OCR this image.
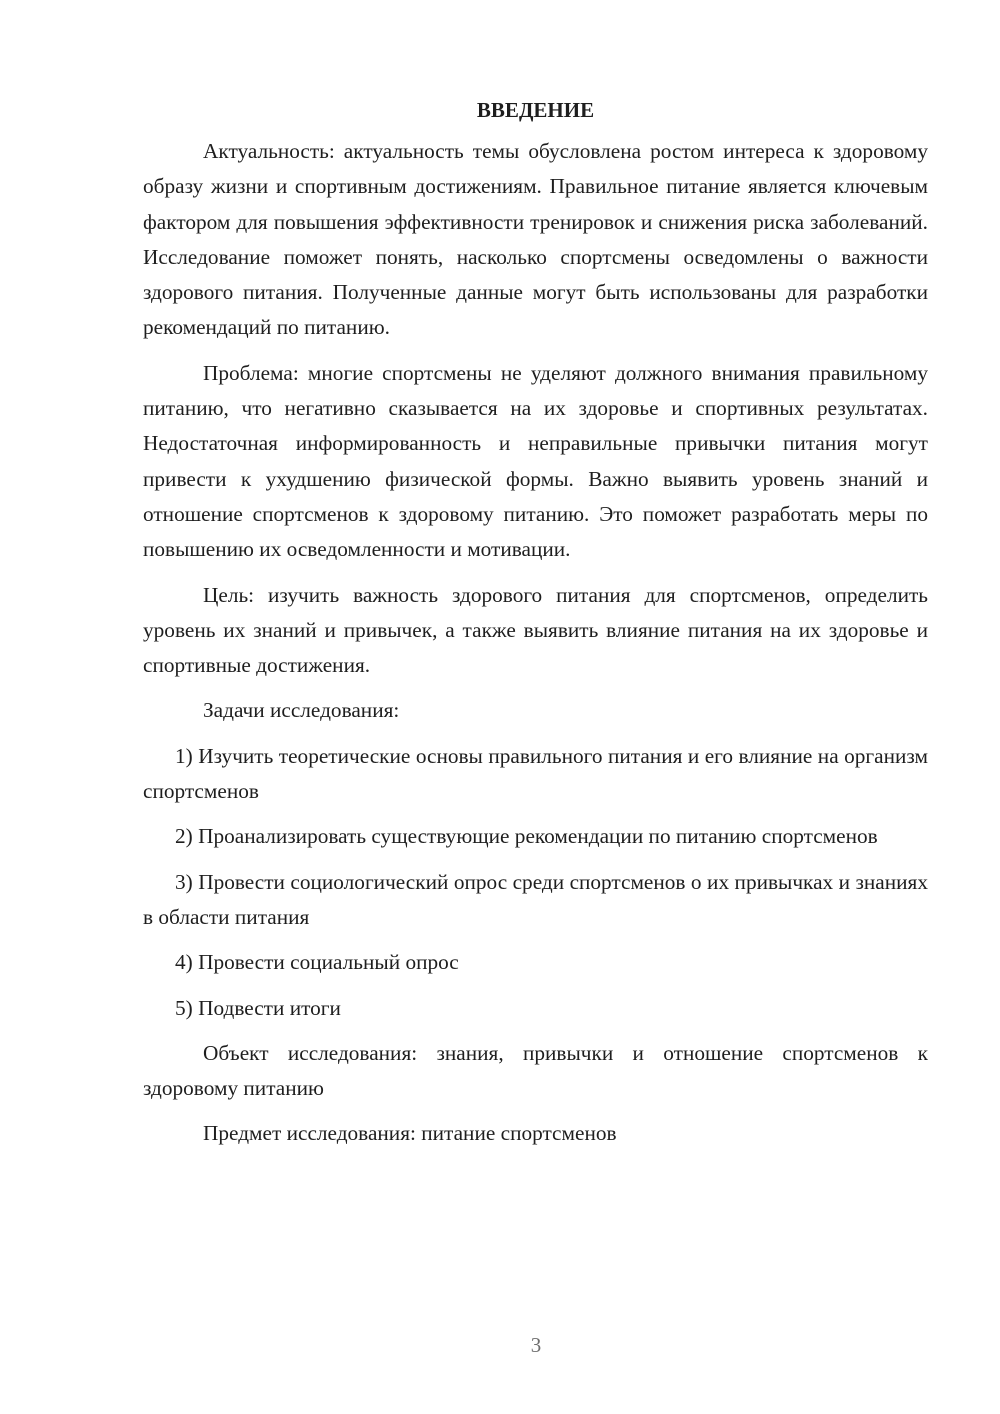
ВВЕДЕНИЕ

Актуальность: актуальность темы обусловлена ростом интереса к здоровому образу жизни и спортивным достижениям. Правильное питание является ключевым фактором для повышения эффективности тренировок и снижения риска заболеваний. Исследование поможет понять, насколько спортсмены осведомлены о важности здорового питания. Полученные данные могут быть использованы для разработки рекомендаций по питанию.

Проблема: многие спортсмены не уделяют должного внимания правильному питанию, что негативно сказывается на их здоровье и спортивных результатах. Недостаточная информированность и неправильные привычки питания могут привести к ухудшению физической формы. Важно выявить уровень знаний и отношение спортсменов к здоровому питанию. Это поможет разработать меры по повышению их осведомленности и мотивации.

Цель: изучить важность здорового питания для спортсменов, определить уровень их знаний и привычек, а также выявить влияние питания на их здоровье и спортивные достижения.

Задачи исследования:

1) Изучить теоретические основы правильного питания и его влияние на организм спортсменов

2) Проанализировать существующие рекомендации по питанию спортсменов

3) Провести социологический опрос среди спортсменов о их привычках и знаниях в области питания

4) Провести социальный опрос

5) Подвести итоги

Объект исследования: знания, привычки и отношение спортсменов к здоровому питанию

Предмет исследования: питание спортсменов

3
